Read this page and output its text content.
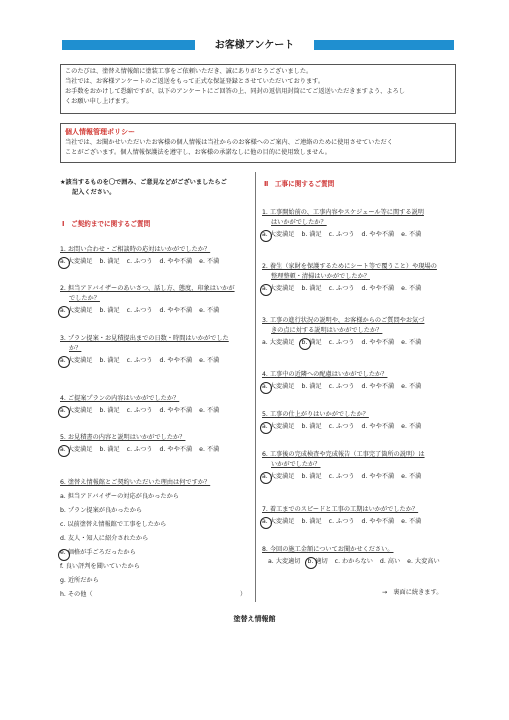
お客様アンケート
このたびは、塗替え情報館に塗装工事をご依頼いただき、誠にありがとうございました。
当社では、お客様アンケートのご返送をもって正式な保証登録とさせていただいております。
お手数をおかけして恐縮ですが、以下のアンケートにご回答の上、同封の返信用封筒にてご返送いただきますよう、よろし
くお願い申し上げます。
個人情報管理ポリシー
当社では、お聞かせいただいたお客様の個人情報は当社からのお客様へのご案内、ご連絡のために使用させていただく
ことがございます。個人情報保護法を遵守し、お客様の承諾なしに他の目的に使用致しません。
★該当するものを〇で囲み、ご意見などがございましたらご
記入ください。
Ⅰ　ご契約までに関するご質問
1. お問い合わせ・ご相談時の応対はいかがでしたか？
a. 大変満足 b. 満足 c. ふつう d. やや不満 e. 不満
2. 担当アドバイザーのあいさつ、話し方、態度、印象はいかが
でしたか？
a. 大変満足 b. 満足 c. ふつう d. やや不満 e. 不満
3. プラン提案・お見積提出までの日数・時間はいかがでした
か？
a. 大変満足 b. 満足 c. ふつう d. やや不満 e. 不満
4. ご提案プランの内容はいかがでしたか？
a. 大変満足 b. 満足 c. ふつう d. やや不満 e. 不満
5. お見積書の内容と説明はいかがでしたか？
a. 大変満足 b. 満足 c. ふつう d. やや不満 e. 不満
6. 塗替え情報館とご契約いただいた理由は何ですか？
a. 担当アドバイザーの対応が良かったから
b. プラン提案が良かったから
c. 以前塗替え情報館で工事をしたから
d. 友人・知人に紹介されたから
e. 価格が手ごろだったから
f. 良い評判を聞いていたから
g. 近所だから
h. その他（	）
Ⅱ　工事に関するご質問
1. 工事開始前の、工事内容やスケジュール等に関する説明
はいかがでしたか？
a. 大変満足 b. 満足 c. ふつう d. やや不満 e. 不満
2. 養生（家財を保護するためにシート等で覆うこと）や現場の
整理整頓・清掃はいかがでしたか？
a. 大変満足 b. 満足 c. ふつう d. やや不満 e. 不満
3. 工事の進行状況の説明や、お客様からのご質問やお気づ
きの点に対する説明はいかがでしたか？
a. 大変満足 b. 満足 c. ふつう d. やや不満 e. 不満
4. 工事中の近隣への配慮はいかがでしたか？
a. 大変満足 b. 満足 c. ふつう d. やや不満 e. 不満
5. 工事の仕上がりはいかがでしたか？
a. 大変満足 b. 満足 c. ふつう d. やや不満 e. 不満
6. 工事後の完成検査や完成報告（工事完了箇所の説明）は
いかがでしたか？
a. 大変満足 b. 満足 c. ふつう d. やや不満 e. 不満
7. 着工までのスピードと工事の工期はいかがでしたか？
a. 大変満足 b. 満足 c. ふつう d. やや不満 e. 不満
8. 今回の施工金額についてお聞かせください。
a. 大変適切 b. 適切 c. わからない d. 高い e. 大変高い
→　裏面に続きます。
塗替え情報館
